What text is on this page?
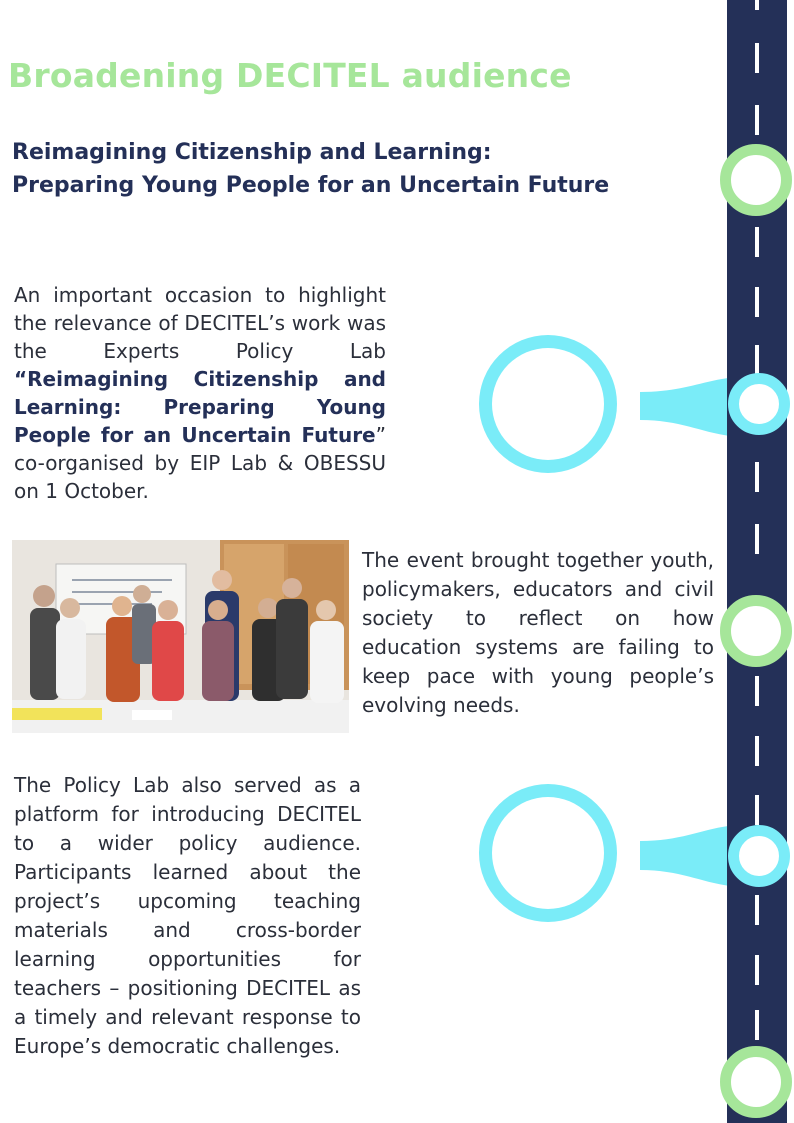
Broadening DECITEL audience
Reimagining Citizenship and Learning:
Preparing Young People for an Uncertain Future

An important occasion to highlight the relevance of DECITEL’s work was the Experts Policy Lab “Reimagining Citizenship and Learning: Preparing Young People for an Uncertain Future” co-organised by EIP Lab & OBESSU on 1 October.

The event brought together youth, policymakers, educators and civil society to reflect on how education systems are failing to keep pace with young people’s evolving needs.

The Policy Lab also served as a platform for introducing DECITEL to a wider policy audience. Participants learned about the project’s upcoming teaching materials and cross-border learning opportunities for teachers – positioning DECITEL as a timely and relevant response to Europe’s democratic challenges.
